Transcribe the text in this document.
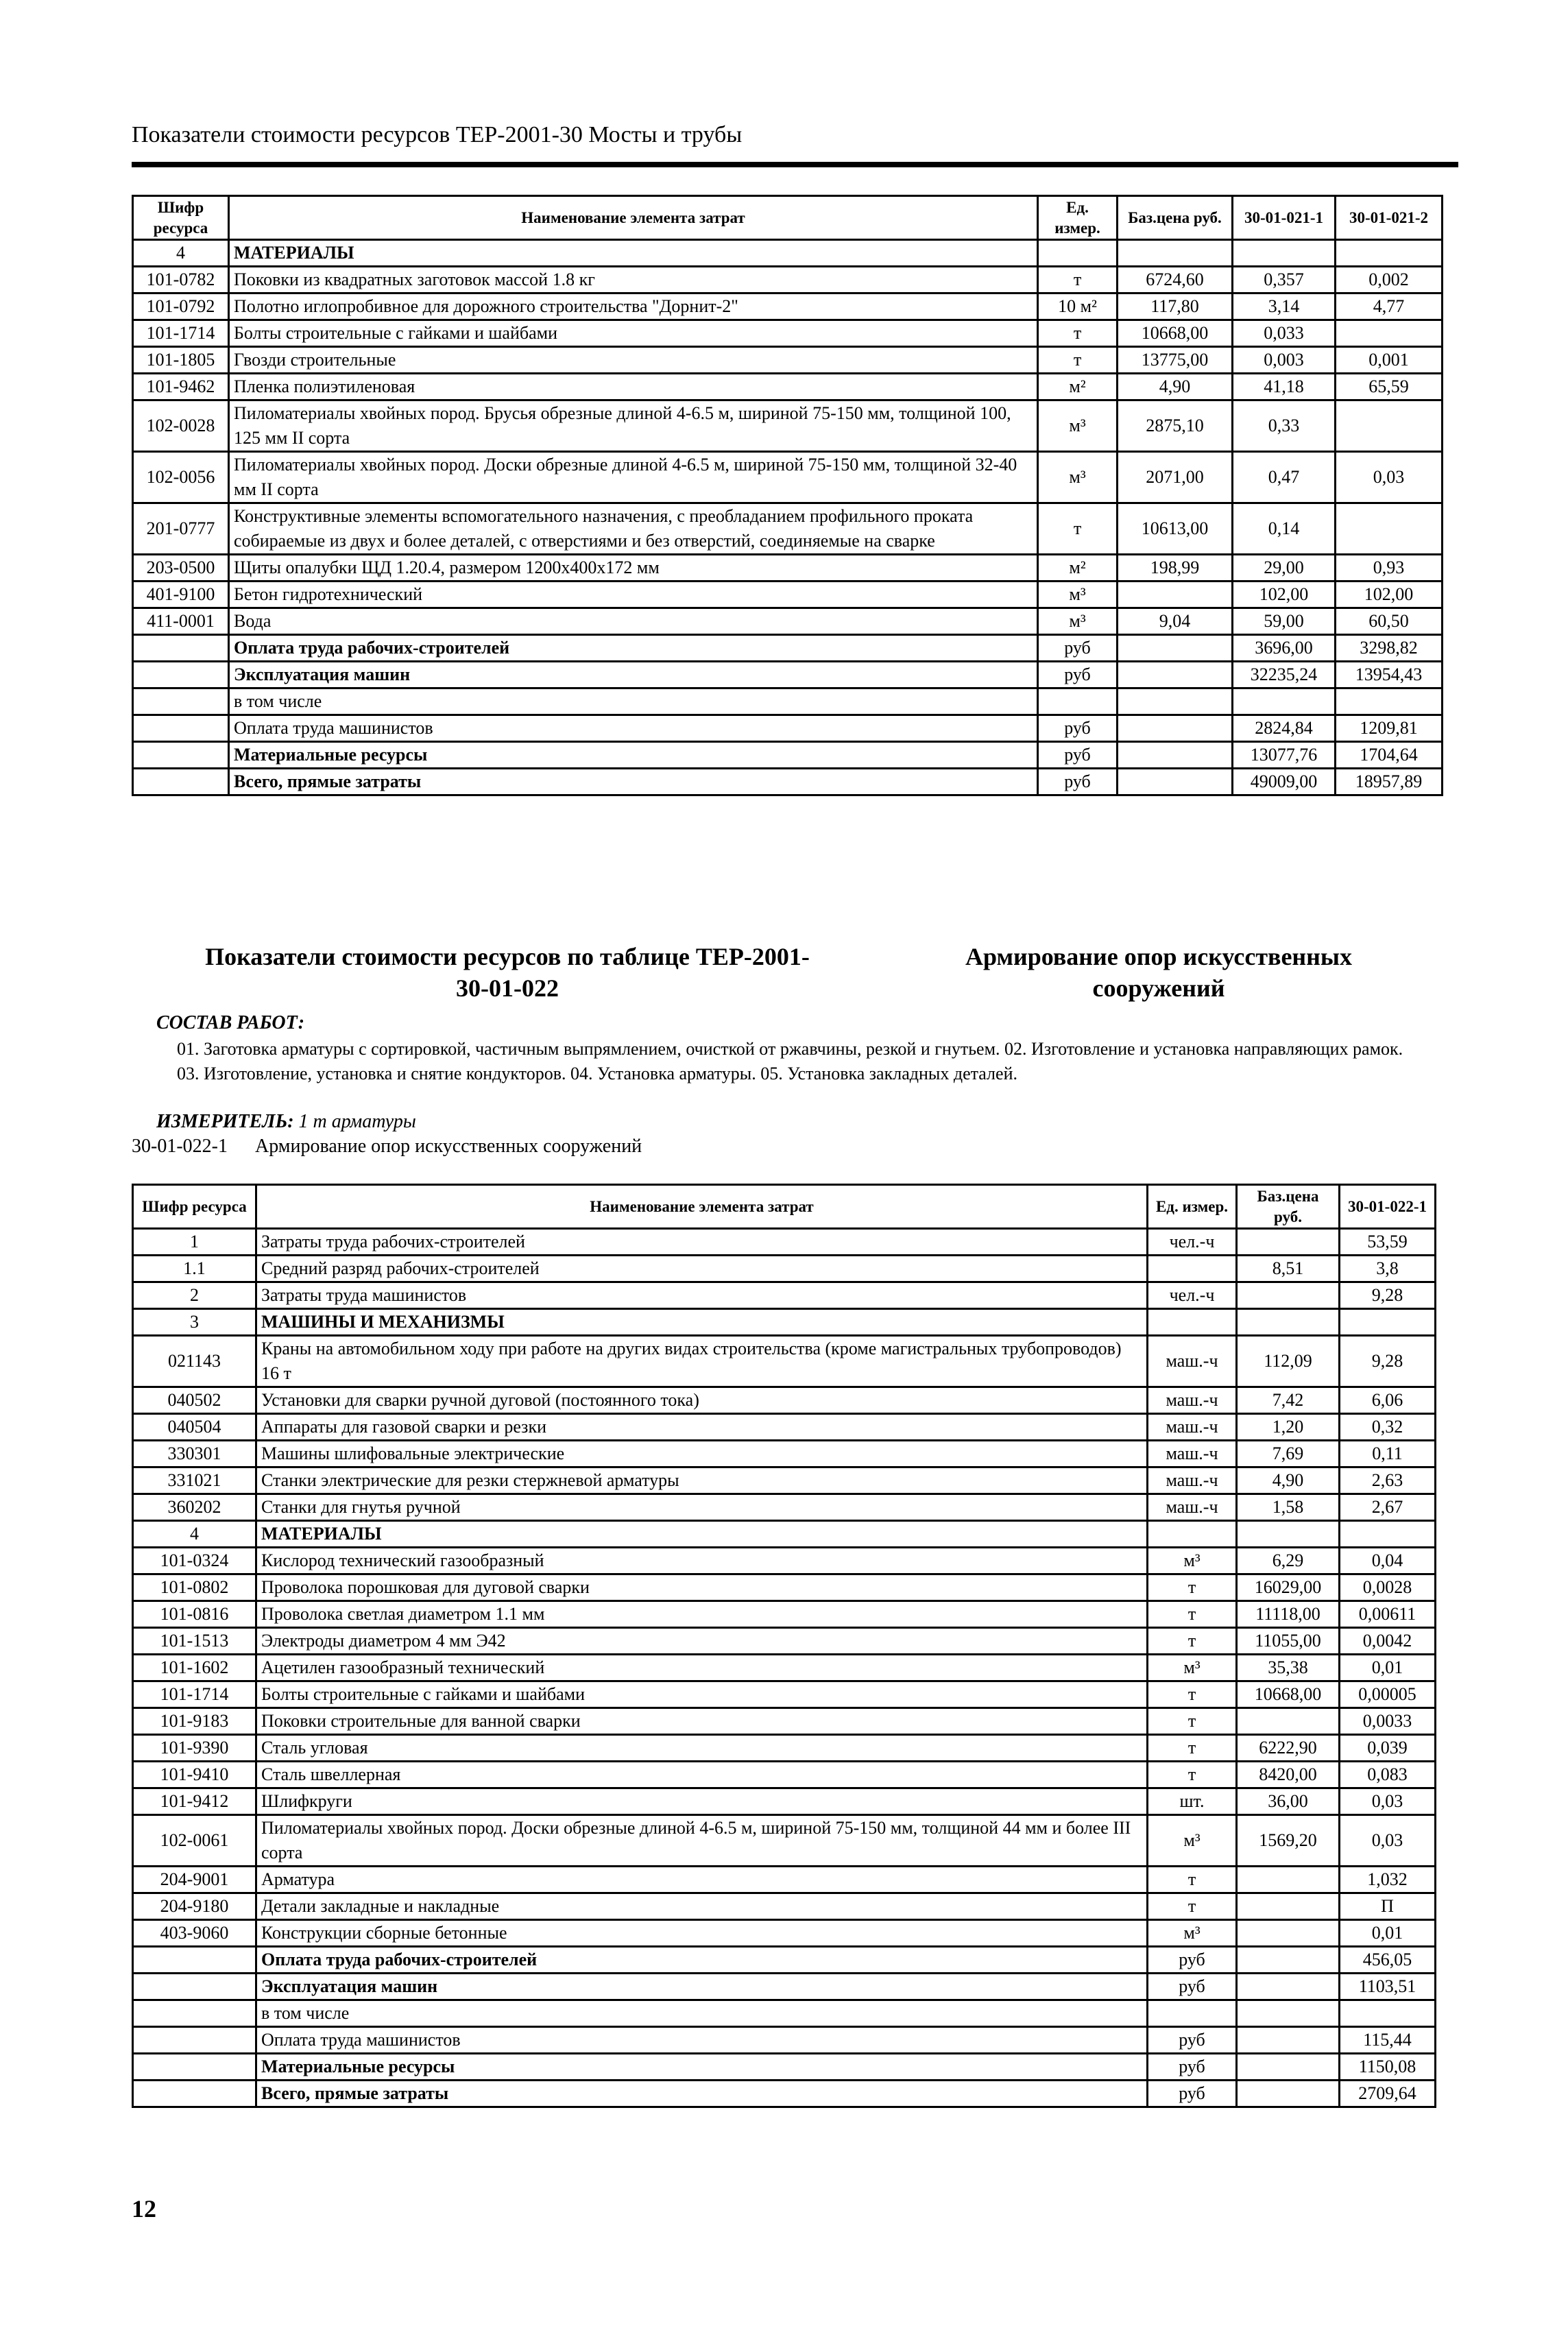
Показатели стоимости ресурсов ТЕР-2001-30 Мосты и трубы
Шифр ресурса	Наименование элемента затрат	Ед. измер.	Баз.цена руб.	30-01-021-1	30-01-021-2
4	МАТЕРИАЛЫ				
101-0782	Поковки из квадратных заготовок массой 1.8 кг	т	6724,60	0,357	0,002
101-0792	Полотно иглопробивное для дорожного строительства "Дорнит-2"	10 м²	117,80	3,14	4,77
101-1714	Болты строительные с гайками и шайбами	т	10668,00	0,033	
101-1805	Гвозди строительные	т	13775,00	0,003	0,001
101-9462	Пленка полиэтиленовая	м²	4,90	41,18	65,59
102-0028	Пиломатериалы хвойных пород. Брусья обрезные длиной 4-6.5 м, шириной 75-150 мм, толщиной 100, 125 мм II сорта	м³	2875,10	0,33	
102-0056	Пиломатериалы хвойных пород. Доски обрезные длиной 4-6.5 м, шириной 75-150 мм, толщиной 32-40 мм II сорта	м³	2071,00	0,47	0,03
201-0777	Конструктивные элементы вспомогательного назначения, с преобладанием профильного проката собираемые из двух и более деталей, с отверстиями и без отверстий, соединяемые на сварке	т	10613,00	0,14	
203-0500	Щиты опалубки ЩД 1.20.4, размером 1200х400х172 мм	м²	198,99	29,00	0,93
401-9100	Бетон гидротехнический	м³		102,00	102,00
411-0001	Вода	м³	9,04	59,00	60,50
	Оплата труда рабочих-строителей	руб		3696,00	3298,82
	Эксплуатация машин	руб		32235,24	13954,43
	в том числе				
	Оплата труда машинистов	руб		2824,84	1209,81
	Материальные ресурсы	руб		13077,76	1704,64
	Всего, прямые затраты	руб		49009,00	18957,89
Показатели стоимости ресурсов по таблице ТЕР-2001-30-01-022
Армирование опор искусственных сооружений
СОСТАВ РАБОТ:
01. Заготовка арматуры с сортировкой, частичным выпрямлением, очисткой от ржавчины, резкой и гнутьем. 02. Изготовление и установка направляющих рамок. 03. Изготовление, установка и снятие кондукторов. 04. Установка арматуры. 05. Установка закладных деталей.
ИЗМЕРИТЕЛЬ: 1 т арматуры
30-01-022-1 Армирование опор искусственных сооружений
Шифр ресурса	Наименование элемента затрат	Ед. измер.	Баз.цена руб.	30-01-022-1
1	Затраты труда рабочих-строителей	чел.-ч		53,59
1.1	Средний разряд рабочих-строителей		8,51	3,8
2	Затраты труда машинистов	чел.-ч		9,28
3	МАШИНЫ И МЕХАНИЗМЫ			
021143	Краны на автомобильном ходу при работе на других видах строительства (кроме магистральных трубопроводов) 16 т	маш.-ч	112,09	9,28
040502	Установки для сварки ручной дуговой (постоянного тока)	маш.-ч	7,42	6,06
040504	Аппараты для газовой сварки и резки	маш.-ч	1,20	0,32
330301	Машины шлифовальные электрические	маш.-ч	7,69	0,11
331021	Станки электрические для резки стержневой арматуры	маш.-ч	4,90	2,63
360202	Станки для гнутья ручной	маш.-ч	1,58	2,67
4	МАТЕРИАЛЫ			
101-0324	Кислород технический газообразный	м³	6,29	0,04
101-0802	Проволока порошковая для дуговой сварки	т	16029,00	0,0028
101-0816	Проволока светлая диаметром 1.1 мм	т	11118,00	0,00611
101-1513	Электроды диаметром 4 мм Э42	т	11055,00	0,0042
101-1602	Ацетилен газообразный технический	м³	35,38	0,01
101-1714	Болты строительные с гайками и шайбами	т	10668,00	0,00005
101-9183	Поковки строительные для ванной сварки	т		0,0033
101-9390	Сталь угловая	т	6222,90	0,039
101-9410	Сталь швеллерная	т	8420,00	0,083
101-9412	Шлифкруги	шт.	36,00	0,03
102-0061	Пиломатериалы хвойных пород. Доски обрезные длиной 4-6.5 м, шириной 75-150 мм, толщиной 44 мм и более III сорта	м³	1569,20	0,03
204-9001	Арматура	т		1,032
204-9180	Детали закладные и накладные	т		П
403-9060	Конструкции сборные бетонные	м³		0,01
	Оплата труда рабочих-строителей	руб		456,05
	Эксплуатация машин	руб		1103,51
	в том числе			
	Оплата труда машинистов	руб		115,44
	Материальные ресурсы	руб		1150,08
	Всего, прямые затраты	руб		2709,64
12
